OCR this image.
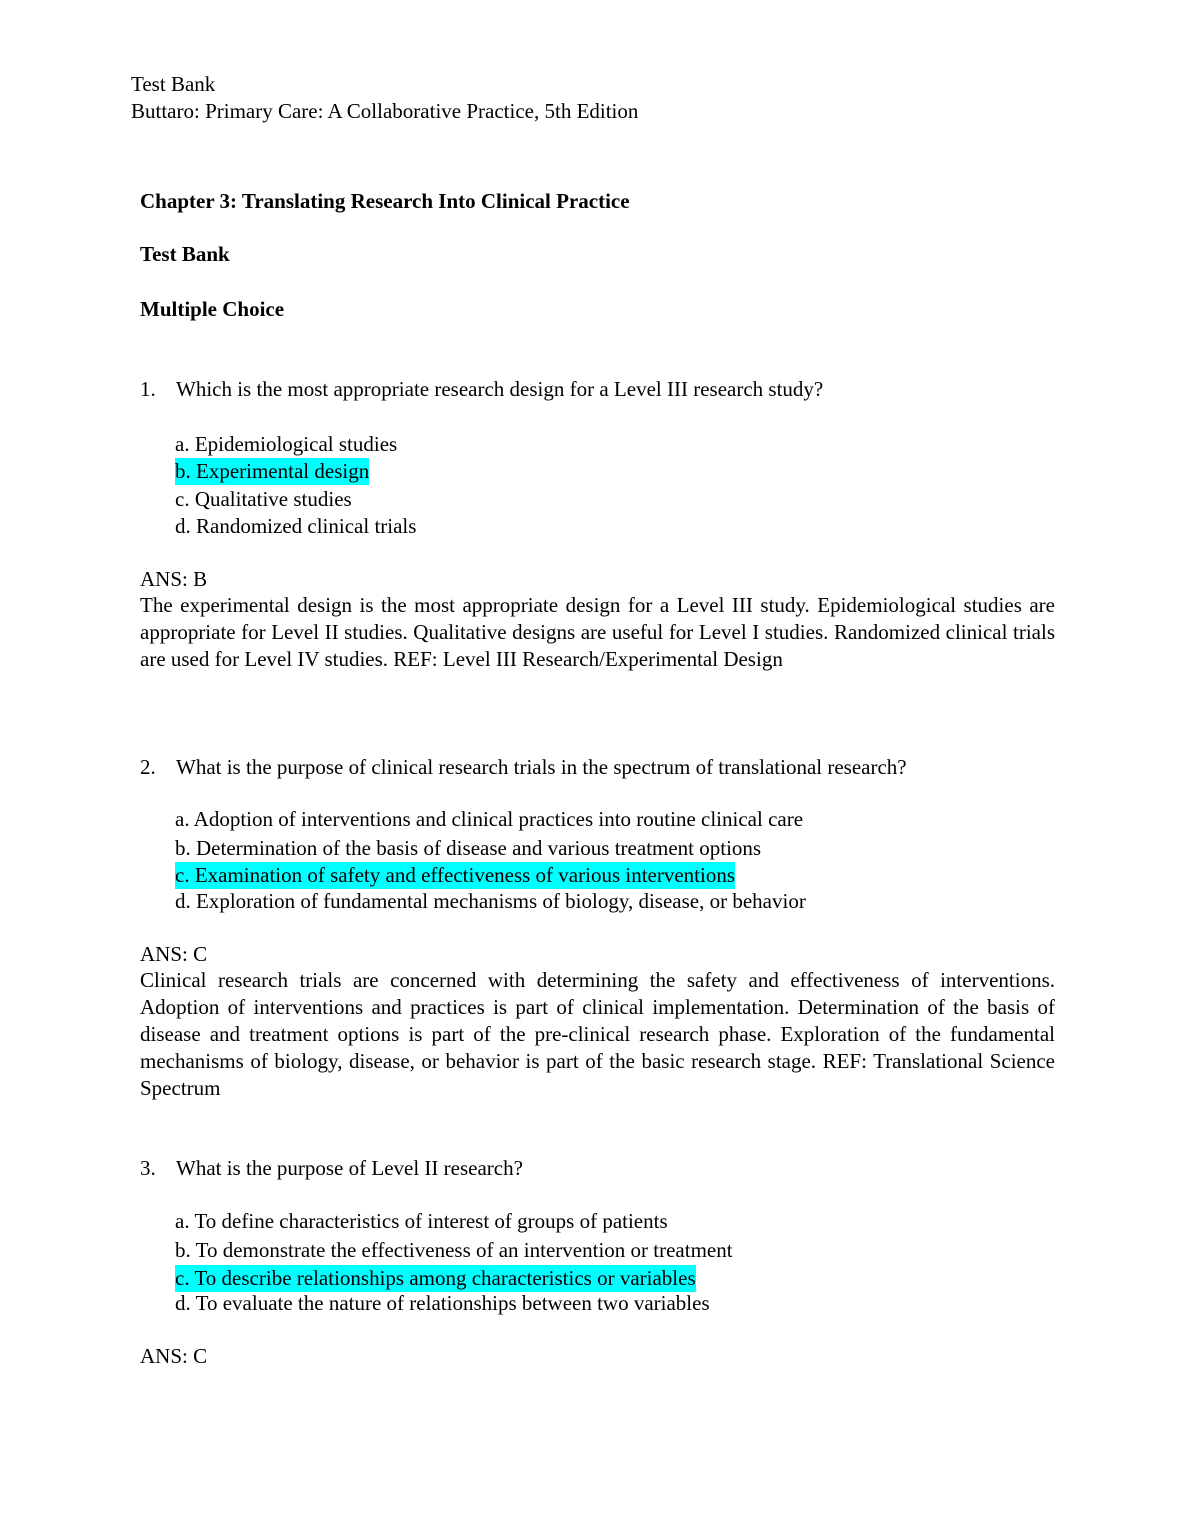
Test Bank
Buttaro: Primary Care: A Collaborative Practice, 5th Edition
Chapter 3: Translating Research Into Clinical Practice
Test Bank
Multiple Choice
1. Which is the most appropriate research design for a Level III research study?
a. Epidemiological studies
b. Experimental design
c. Qualitative studies
d. Randomized clinical trials
ANS: B
The experimental design is the most appropriate design for a Level III study. Epidemiological studies are appropriate for Level II studies. Qualitative designs are useful for Level I studies. Randomized clinical trials are used for Level IV studies. REF: Level III Research/Experimental Design
2. What is the purpose of clinical research trials in the spectrum of translational research?
a. Adoption of interventions and clinical practices into routine clinical care
b. Determination of the basis of disease and various treatment options
c. Examination of safety and effectiveness of various interventions
d. Exploration of fundamental mechanisms of biology, disease, or behavior
ANS: C
Clinical research trials are concerned with determining the safety and effectiveness of interventions. Adoption of interventions and practices is part of clinical implementation. Determination of the basis of disease and treatment options is part of the pre-clinical research phase. Exploration of the fundamental mechanisms of biology, disease, or behavior is part of the basic research stage. REF: Translational Science Spectrum
3. What is the purpose of Level II research?
a. To define characteristics of interest of groups of patients
b. To demonstrate the effectiveness of an intervention or treatment
c. To describe relationships among characteristics or variables
d. To evaluate the nature of relationships between two variables
ANS: C
